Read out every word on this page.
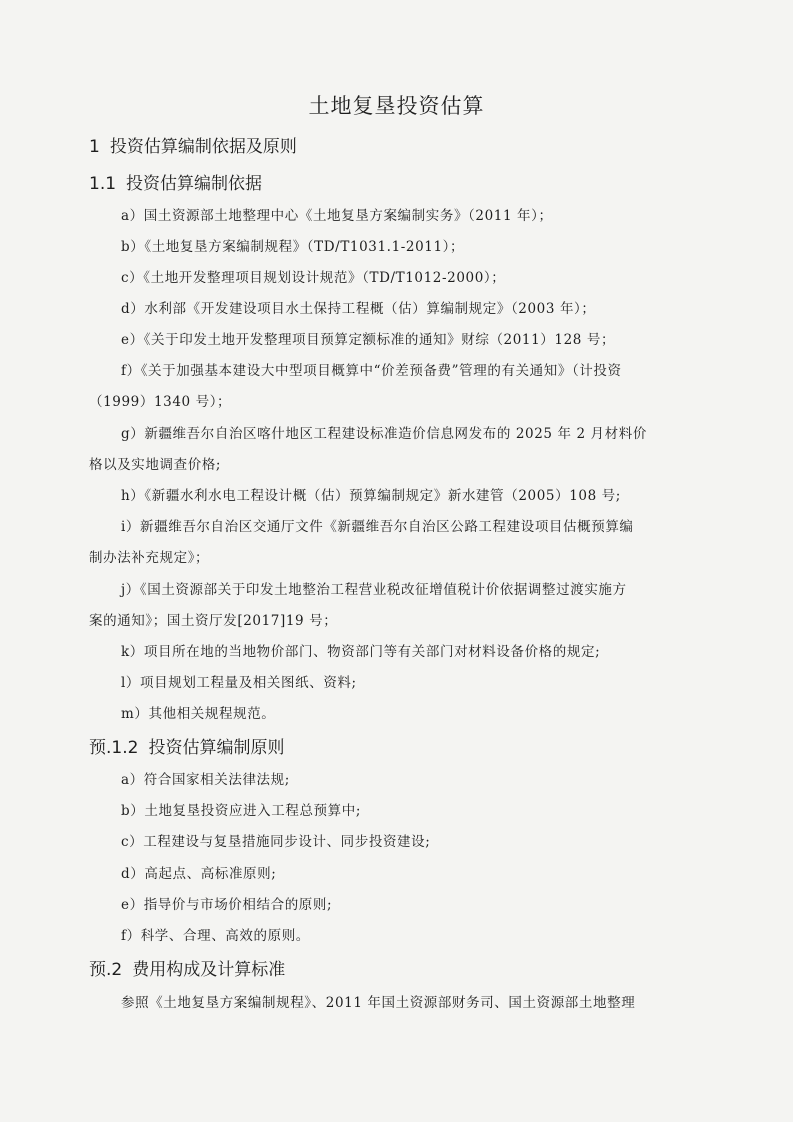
土地复垦投资估算
1 投资估算编制依据及原则
1.1 投资估算编制依据
a）国土资源部土地整理中心《土地复垦方案编制实务》（2011 年）；
b）《土地复垦方案编制规程》（TD/T1031.1-2011）；
c）《土地开发整理项目规划设计规范》（TD/T1012-2000）；
d）水利部《开发建设项目水土保持工程概（估）算编制规定》（2003 年）；
e）《关于印发土地开发整理项目预算定额标准的通知》财综（2011）128 号；
f）《关于加强基本建设大中型项目概算中“价差预备费”管理的有关通知》（计投资
（1999）1340 号）；
g）新疆维吾尔自治区喀什地区工程建设标准造价信息网发布的 2025 年 2 月材料价
格以及实地调查价格;
h）《新疆水利水电工程设计概（估）预算编制规定》新水建管（2005）108 号;
i）新疆维吾尔自治区交通厅文件《新疆维吾尔自治区公路工程建设项目估概预算编
制办法补充规定》；
j）《国土资源部关于印发土地整治工程营业税改征增值税计价依据调整过渡实施方
案的通知》；国土资厅发[2017]19 号；
k）项目所在地的当地物价部门、物资部门等有关部门对材料设备价格的规定;
l）项目规划工程量及相关图纸、资料;
m）其他相关规程规范。
预.1.2 投资估算编制原则
a）符合国家相关法律法规;
b）土地复垦投资应进入工程总预算中;
c）工程建设与复垦措施同步设计、同步投资建设;
d）高起点、高标准原则;
e）指导价与市场价相结合的原则;
f）科学、合理、高效的原则。
预.2 费用构成及计算标准
参照《土地复垦方案编制规程》、2011 年国土资源部财务司、国土资源部土地整理
